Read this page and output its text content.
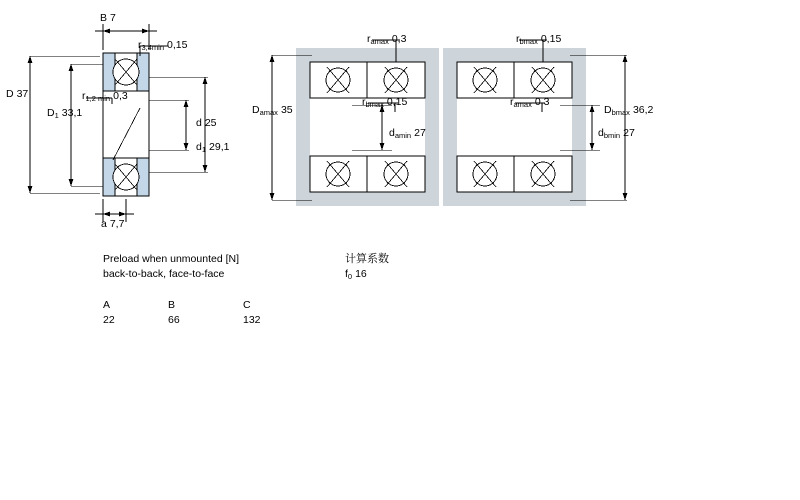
B 7
$r_{3,4min}$ 0,15
D 37
$D_1$ 33,1
$r_{1,2 min}$ 0,3
d 25
$d_1$ 29,1
a 7,7
$r_{amax}$ 0,3	$r_{bmax}$ 0,15
$D_{amax}$ 35
$r_{bmax}$ 0,15
$d_{amin}$ 27
$r_{amax}$ 0,3
$D_{bmax}$ 36,2
$d_{bmin}$ 27
Preload when unmounted [N]
back-to-back, face-to-face
A	B	C
22	66	132
计算系数
$f_0$ 16
